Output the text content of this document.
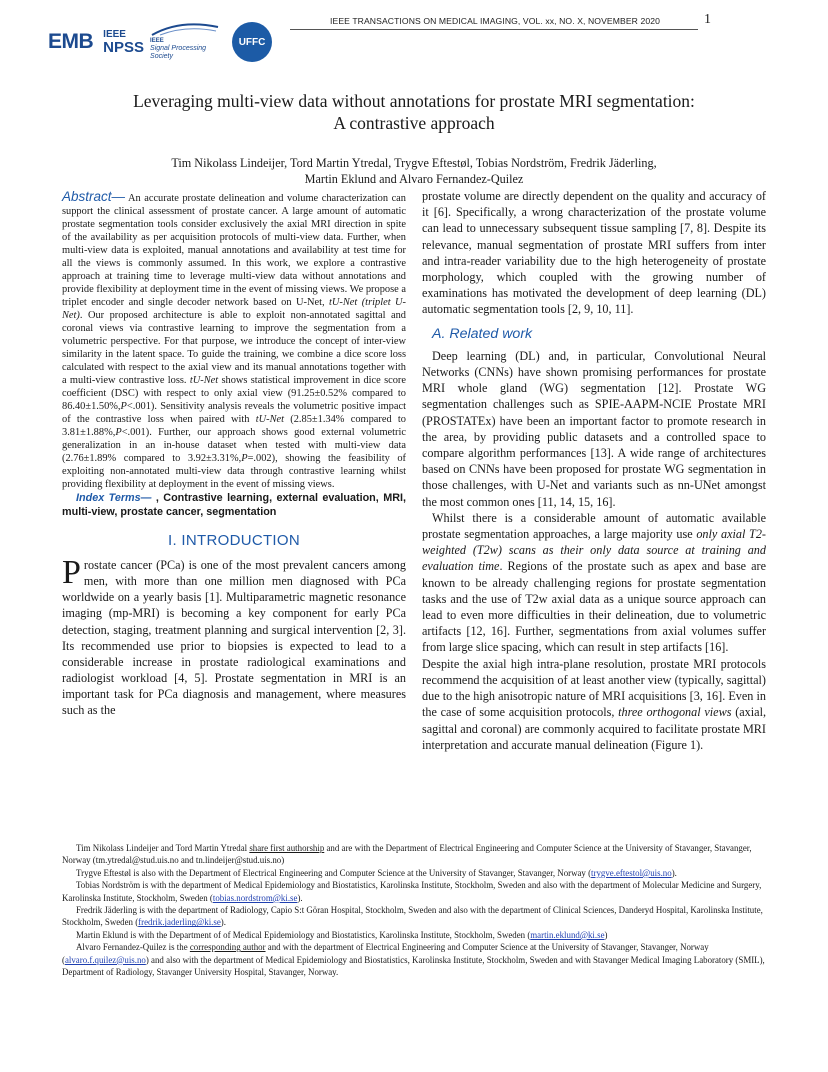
EMB IEEE
NPSS IEEE
Signal Processing Society
UFFC
IEEE TRANSACTIONS ON MEDICAL IMAGING, VOL. xx, NO. X, NOVEMBER 2020	1
Leveraging multi-view data without annotations for prostate MRI segmentation:
A contrastive approach
Tim Nikolass Lindeijer, Tord Martin Ytredal, Trygve Eftestøl, Tobias Nordström, Fredrik Jäderling,
Martin Eklund and Alvaro Fernandez-Quilez

Abstract— An accurate prostate delineation and volume characterization can support the clinical assessment of prostate cancer. A large amount of automatic prostate segmentation tools consider exclusively the axial MRI direction in spite of the availability as per acquisition protocols of multi-view data. Further, when multi-view data is exploited, manual annotations and availability at test time for all the views is commonly assumed. In this work, we explore a contrastive approach at training time to leverage multi-view data without annotations and provide flexibility at deployment time in the event of missing views. We propose a triplet encoder and single decoder network based on U-Net, tU-Net (triplet U-Net). Our proposed architecture is able to exploit non-annotated sagittal and coronal views via contrastive learning to improve the segmentation from a volumetric perspective. For that purpose, we introduce the concept of inter-view similarity in the latent space. To guide the training, we combine a dice score loss calculated with respect to the axial view and its manual annotations together with a multi-view contrastive loss. tU-Net shows statistical improvement in dice score coefficient (DSC) with respect to only axial view (91.25±0.52% compared to 86.40±1.50%,P<.001). Sensitivity analysis reveals the volumetric positive impact of the contrastive loss when paired with tU-Net (2.85±1.34% compared to 3.81±1.88%,P<.001). Further, our approach shows good external volumetric generalization in an in-house dataset when tested with multi-view data (2.76±1.89% compared to 3.92±3.31%,P=.002), showing the feasibility of exploiting non-annotated multi-view data through contrastive learning whilst providing flexibility at deployment in the event of missing views.

Index Terms— , Contrastive learning, external evaluation, MRI, multi-view, prostate cancer, segmentation

I. INTRODUCTION

Prostate cancer (PCa) is one of the most prevalent cancers among men, with more than one million men diagnosed with PCa worldwide on a yearly basis [1]. Multiparametric magnetic resonance imaging (mp-MRI) is becoming a key component for early PCa detection, staging, treatment planning and surgical intervention [2, 3]. Its recommended use prior to biopsies is expected to lead to a considerable increase in prostate radiological examinations and radiologist workload [4, 5]. Prostate segmentation in MRI is an important task for PCa diagnosis and management, where measures such as the

prostate volume are directly dependent on the quality and accuracy of it [6]. Specifically, a wrong characterization of the prostate volume can lead to unnecessary subsequent tissue sampling [7, 8]. Despite its relevance, manual segmentation of prostate MRI suffers from inter and intra-reader variability due to the high heterogeneity of prostate morphology, which coupled with the growing number of examinations has motivated the development of deep learning (DL) automatic segmentation tools [2, 9, 10, 11].

A. Related work

Deep learning (DL) and, in particular, Convolutional Neural Networks (CNNs) have shown promising performances for prostate MRI whole gland (WG) segmentation [12]. Prostate WG segmentation challenges such as SPIE-AAPM-NCIE Prostate MRI (PROSTATEx) have been an important factor to promote research in the area, by providing public datasets and a controlled space to compare algorithm performances [13]. A wide range of architectures based on CNNs have been proposed for prostate WG segmentation in those challenges, with U-Net and variants such as nn-UNet amongst the most common ones [11, 14, 15, 16].

Whilst there is a considerable amount of automatic available prostate segmentation approaches, a large majority use only axial T2-weighted (T2w) scans as their only data source at training and evaluation time. Regions of the prostate such as apex and base are known to be already challenging regions for prostate segmentation tasks and the use of T2w axial data as a unique source approach can lead to even more difficulties in their delineation, due to volumetric artifacts [12, 16]. Further, segmentations from axial volumes suffer from large slice spacing, which can result in step artifacts [16].

Despite the axial high intra-plane resolution, prostate MRI protocols recommend the acquisition of at least another view (typically, sagittal) due to the high anisotropic nature of MRI acquisitions [3, 16]. Even in the case of some acquisition protocols, three orthogonal views (axial, sagittal and coronal) are commonly acquired to facilitate prostate MRI interpretation and accurate manual delineation (Figure 1).

Tim Nikolass Lindeijer and Tord Martin Ytredal share first authorship and are with the Department of Electrical Engineering and Computer Science at the University of Stavanger, Stavanger, Norway (tm.ytredal@stud.uis.no and tn.lindeijer@stud.uis.no)

Trygve Eftestøl is also with the Department of Electrical Engineering and Computer Science at the University of Stavanger, Stavanger, Norway (trygve.eftestol@uis.no).

Tobias Nordström is with the department of Medical Epidemiology and Biostatistics, Karolinska Institute, Stockholm, Sweden and also with the department of Molecular Medicine and Surgery, Karolinska Institute, Stockholm, Sweden (tobias.nordstrom@ki.se).

Fredrik Jäderling is with the department of Radiology, Capio S:t Göran Hospital, Stockholm, Sweden and also with the department of Clinical Sciences, Danderyd Hospital, Karolinska Institute, Stockholm, Sweden (fredrik.jaderling@ki.se).

Martin Eklund is with the Department of of Medical Epidemiology and Biostatistics, Karolinska Institute, Stockholm, Sweden (martin.eklund@ki.se)

Alvaro Fernandez-Quilez is the corresponding author and with the department of Electrical Engineering and Computer Science at the University of Stavanger, Stavanger, Norway (alvaro.f.quilez@uis.no) and also with the department of Medical Epidemiology and Biostatistics, Karolinska Institute, Stockholm, Sweden and with Stavanger Medical Imaging Laboratory (SMIL), Department of Radiology, Stavanger University Hospital, Stavanger, Norway.
